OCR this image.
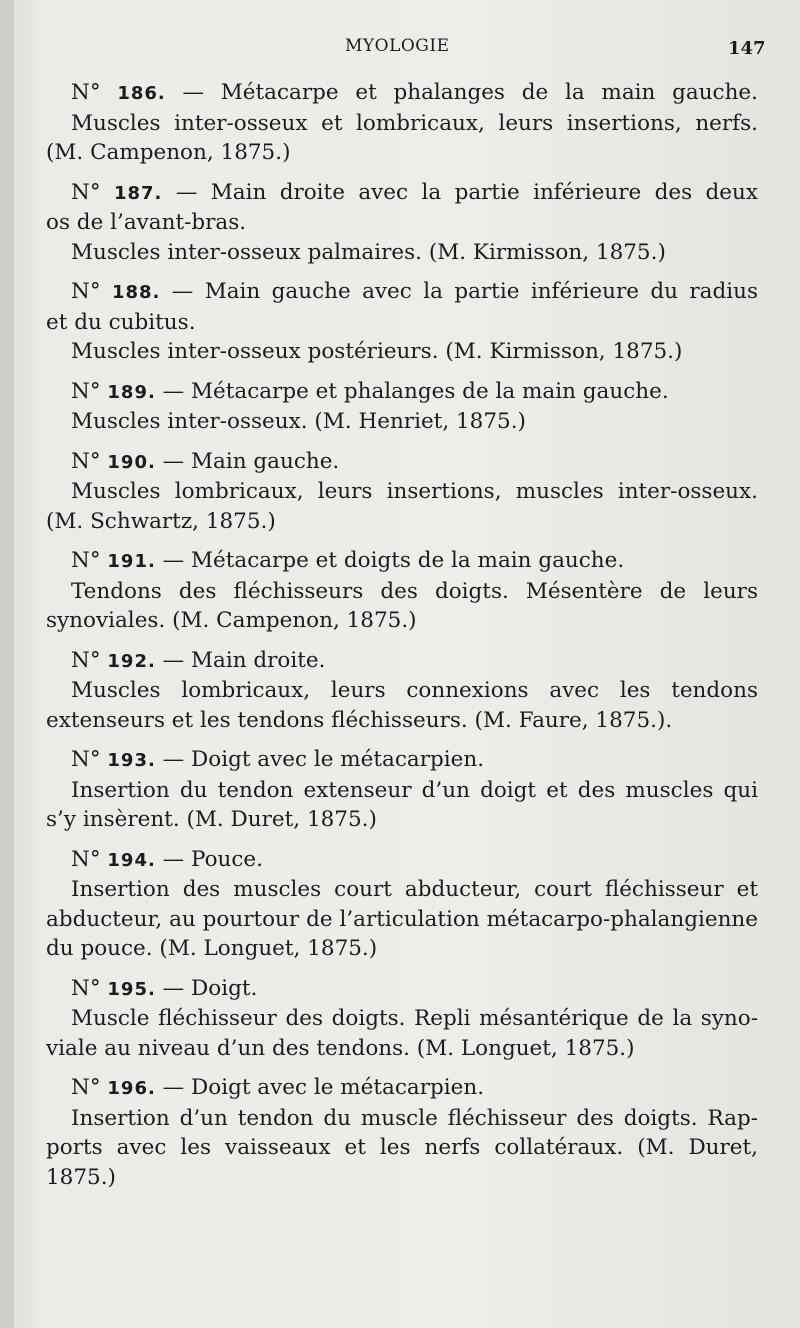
MYOLOGIE	147
N° 186. — Métacarpe et phalanges de la main gauche.
Muscles inter-osseux et lombricaux, leurs insertions, nerfs.
(M. Campenon, 1875.)
N° 187. — Main droite avec la partie inférieure des deux
os de l’avant-bras.
Muscles inter-osseux palmaires. (M. Kirmisson, 1875.)
N° 188. — Main gauche avec la partie inférieure du radius
et du cubitus.
Muscles inter-osseux postérieurs. (M. Kirmisson, 1875.)
N° 189. — Métacarpe et phalanges de la main gauche.
Muscles inter-osseux. (M. Henriet, 1875.)
N° 190. — Main gauche.
Muscles lombricaux, leurs insertions, muscles inter-osseux.
(M. Schwartz, 1875.)
N° 191. — Métacarpe et doigts de la main gauche.
Tendons des fléchisseurs des doigts. Mésentère de leurs
synoviales. (M. Campenon, 1875.)
N° 192. — Main droite.
Muscles lombricaux, leurs connexions avec les tendons
extenseurs et les tendons fléchisseurs. (M. Faure, 1875.).
N° 193. — Doigt avec le métacarpien.
Insertion du tendon extenseur d’un doigt et des muscles qui
s’y insèrent. (M. Duret, 1875.)
N° 194. — Pouce.
Insertion des muscles court abducteur, court fléchisseur et
abducteur, au pourtour de l’articulation métacarpo-phalangienne
du pouce. (M. Longuet, 1875.)
N° 195. — Doigt.
Muscle fléchisseur des doigts. Repli mésantérique de la syno-
viale au niveau d’un des tendons. (M. Longuet, 1875.)
N° 196. — Doigt avec le métacarpien.
Insertion d’un tendon du muscle fléchisseur des doigts. Rap-
ports avec les vaisseaux et les nerfs collatéraux. (M. Duret,
1875.)
